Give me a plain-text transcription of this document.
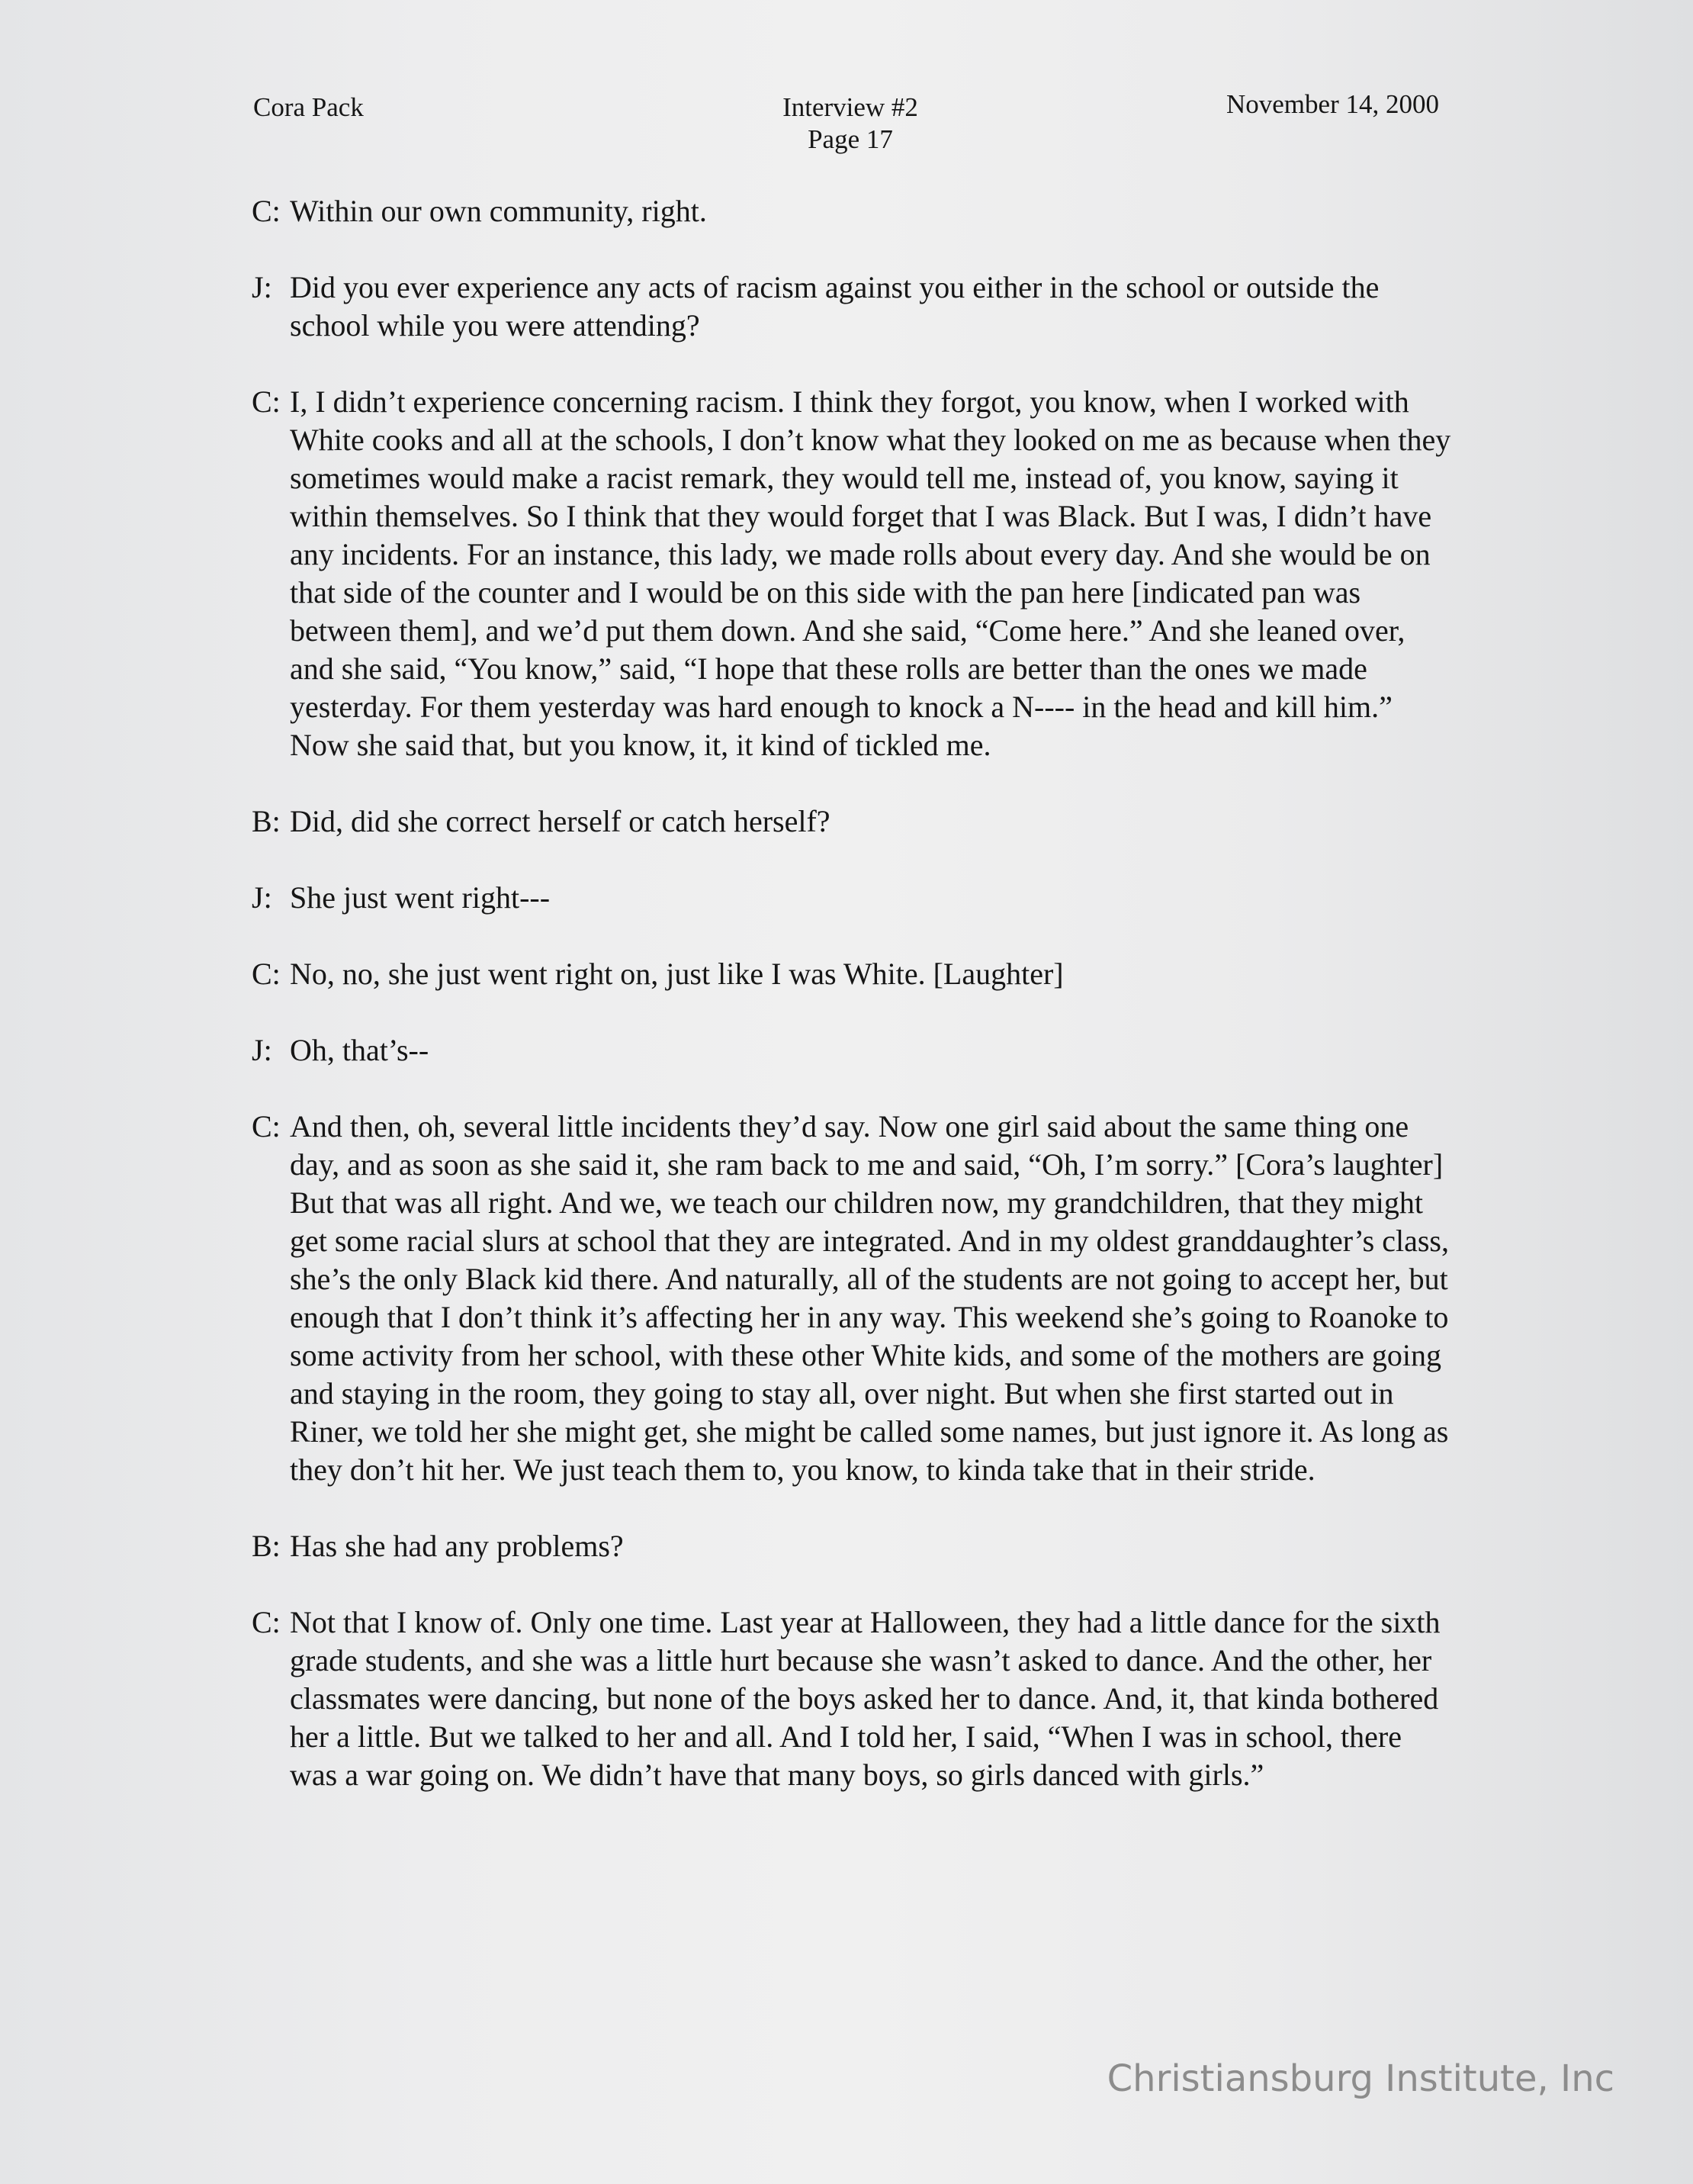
Cora Pack	Interview #2
Page 17
November 14, 2000
C: Within our own community, right.
J: Did you ever experience any acts of racism against you either in the school or outside the school while you were attending?
C: I, I didn’t experience concerning racism. I think they forgot, you know, when I worked with White cooks and all at the schools, I don’t know what they looked on me as because when they sometimes would make a racist remark, they would tell me, instead of, you know, saying it within themselves. So I think that they would forget that I was Black. But I was, I didn’t have any incidents. For an instance, this lady, we made rolls about every day. And she would be on that side of the counter and I would be on this side with the pan here [indicated pan was between them], and we’d put them down. And she said, “Come here.” And she leaned over, and she said, “You know,” said, “I hope that these rolls are better than the ones we made yesterday. For them yesterday was hard enough to knock a N---- in the head and kill him.” Now she said that, but you know, it, it kind of tickled me.
B: Did, did she correct herself or catch herself?
J: She just went right---
C: No, no, she just went right on, just like I was White. [Laughter]
J: Oh, that’s--
C: And then, oh, several little incidents they’d say. Now one girl said about the same thing one day, and as soon as she said it, she ram back to me and said, “Oh, I’m sorry.” [Cora’s laughter] But that was all right. And we, we teach our children now, my grandchildren, that they might get some racial slurs at school that they are integrated. And in my oldest granddaughter’s class, she’s the only Black kid there. And naturally, all of the students are not going to accept her, but enough that I don’t think it’s affecting her in any way. This weekend she’s going to Roanoke to some activity from her school, with these other White kids, and some of the mothers are going and staying in the room, they going to stay all, over night. But when she first started out in Riner, we told her she might get, she might be called some names, but just ignore it. As long as they don’t hit her. We just teach them to, you know, to kinda take that in their stride.
B: Has she had any problems?
C: Not that I know of. Only one time. Last year at Halloween, they had a little dance for the sixth grade students, and she was a little hurt because she wasn’t asked to dance. And the other, her classmates were dancing, but none of the boys asked her to dance. And, it, that kinda bothered her a little. But we talked to her and all. And I told her, I said, “When I was in school, there was a war going on. We didn’t have that many boys, so girls danced with girls.”
Christiansburg Institute, Inc
